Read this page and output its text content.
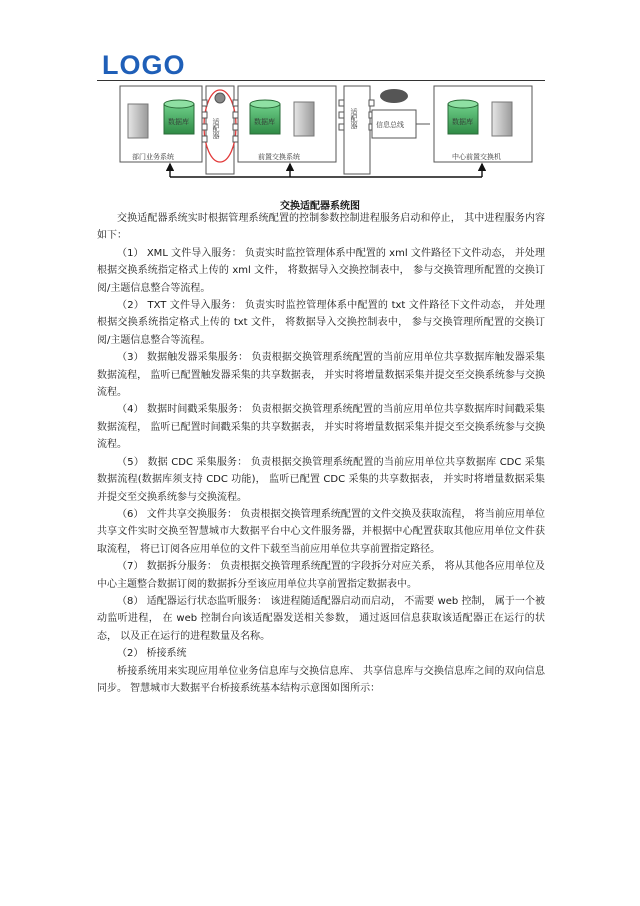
LOGO
数据库
部门业务系统
适配器	数据库
前置交换系统
适配器	信息总线	数据库
中心前置交换机
交换适配器系统图

交换适配器系统实时根据管理系统配置的控制参数控制进程服务启动和停止， 其中进程服务内容如下：

（1） XML 文件导入服务： 负责实时监控管理体系中配置的 xml 文件路径下文件动态， 并处理根据交换系统指定格式上传的 xml 文件， 将数据导入交换控制表中， 参与交换管理所配置的交换订阅/主题信息整合等流程。

（2） TXT 文件导入服务： 负责实时监控管理体系中配置的 txt 文件路径下文件动态， 并处理根据交换系统指定格式上传的 txt 文件， 将数据导入交换控制表中， 参与交换管理所配置的交换订阅/主题信息整合等流程。

（3） 数据触发器采集服务： 负责根据交换管理系统配置的当前应用单位共享数据库触发器采集数据流程， 监听已配置触发器采集的共享数据表， 并实时将增量数据采集并提交至交换系统参与交换流程。

（4） 数据时间戳采集服务： 负责根据交换管理系统配置的当前应用单位共享数据库时间戳采集数据流程， 监听已配置时间戳采集的共享数据表， 并实时将增量数据采集并提交至交换系统参与交换流程。

（5） 数据 CDC 采集服务： 负责根据交换管理系统配置的当前应用单位共享数据库 CDC 采集数据流程(数据库须支持 CDC 功能)， 监听已配置 CDC 采集的共享数据表， 并实时将增量数据采集并提交至交换系统参与交换流程。

（6） 文件共享交换服务： 负责根据交换管理系统配置的文件交换及获取流程， 将当前应用单位共享文件实时交换至智慧城市大数据平台中心文件服务器，并根据中心配置获取其他应用单位文件获取流程， 将已订阅各应用单位的文件下载至当前应用单位共享前置指定路径。

（7） 数据拆分服务： 负责根据交换管理系统配置的字段拆分对应关系， 将从其他各应用单位及中心主题整合数据订阅的数据拆分至该应用单位共享前置指定数据表中。

（8） 适配器运行状态监听服务： 该进程随适配器启动而启动， 不需要 web 控制， 属于一个被动监听进程， 在 web 控制台向该适配器发送相关参数， 通过返回信息获取该适配器正在运行的状态， 以及正在运行的进程数量及名称。

（2） 桥接系统

桥接系统用来实现应用单位业务信息库与交换信息库、 共享信息库与交换信息库之间的双向信息同步。 智慧城市大数据平台桥接系统基本结构示意图如图所示：
